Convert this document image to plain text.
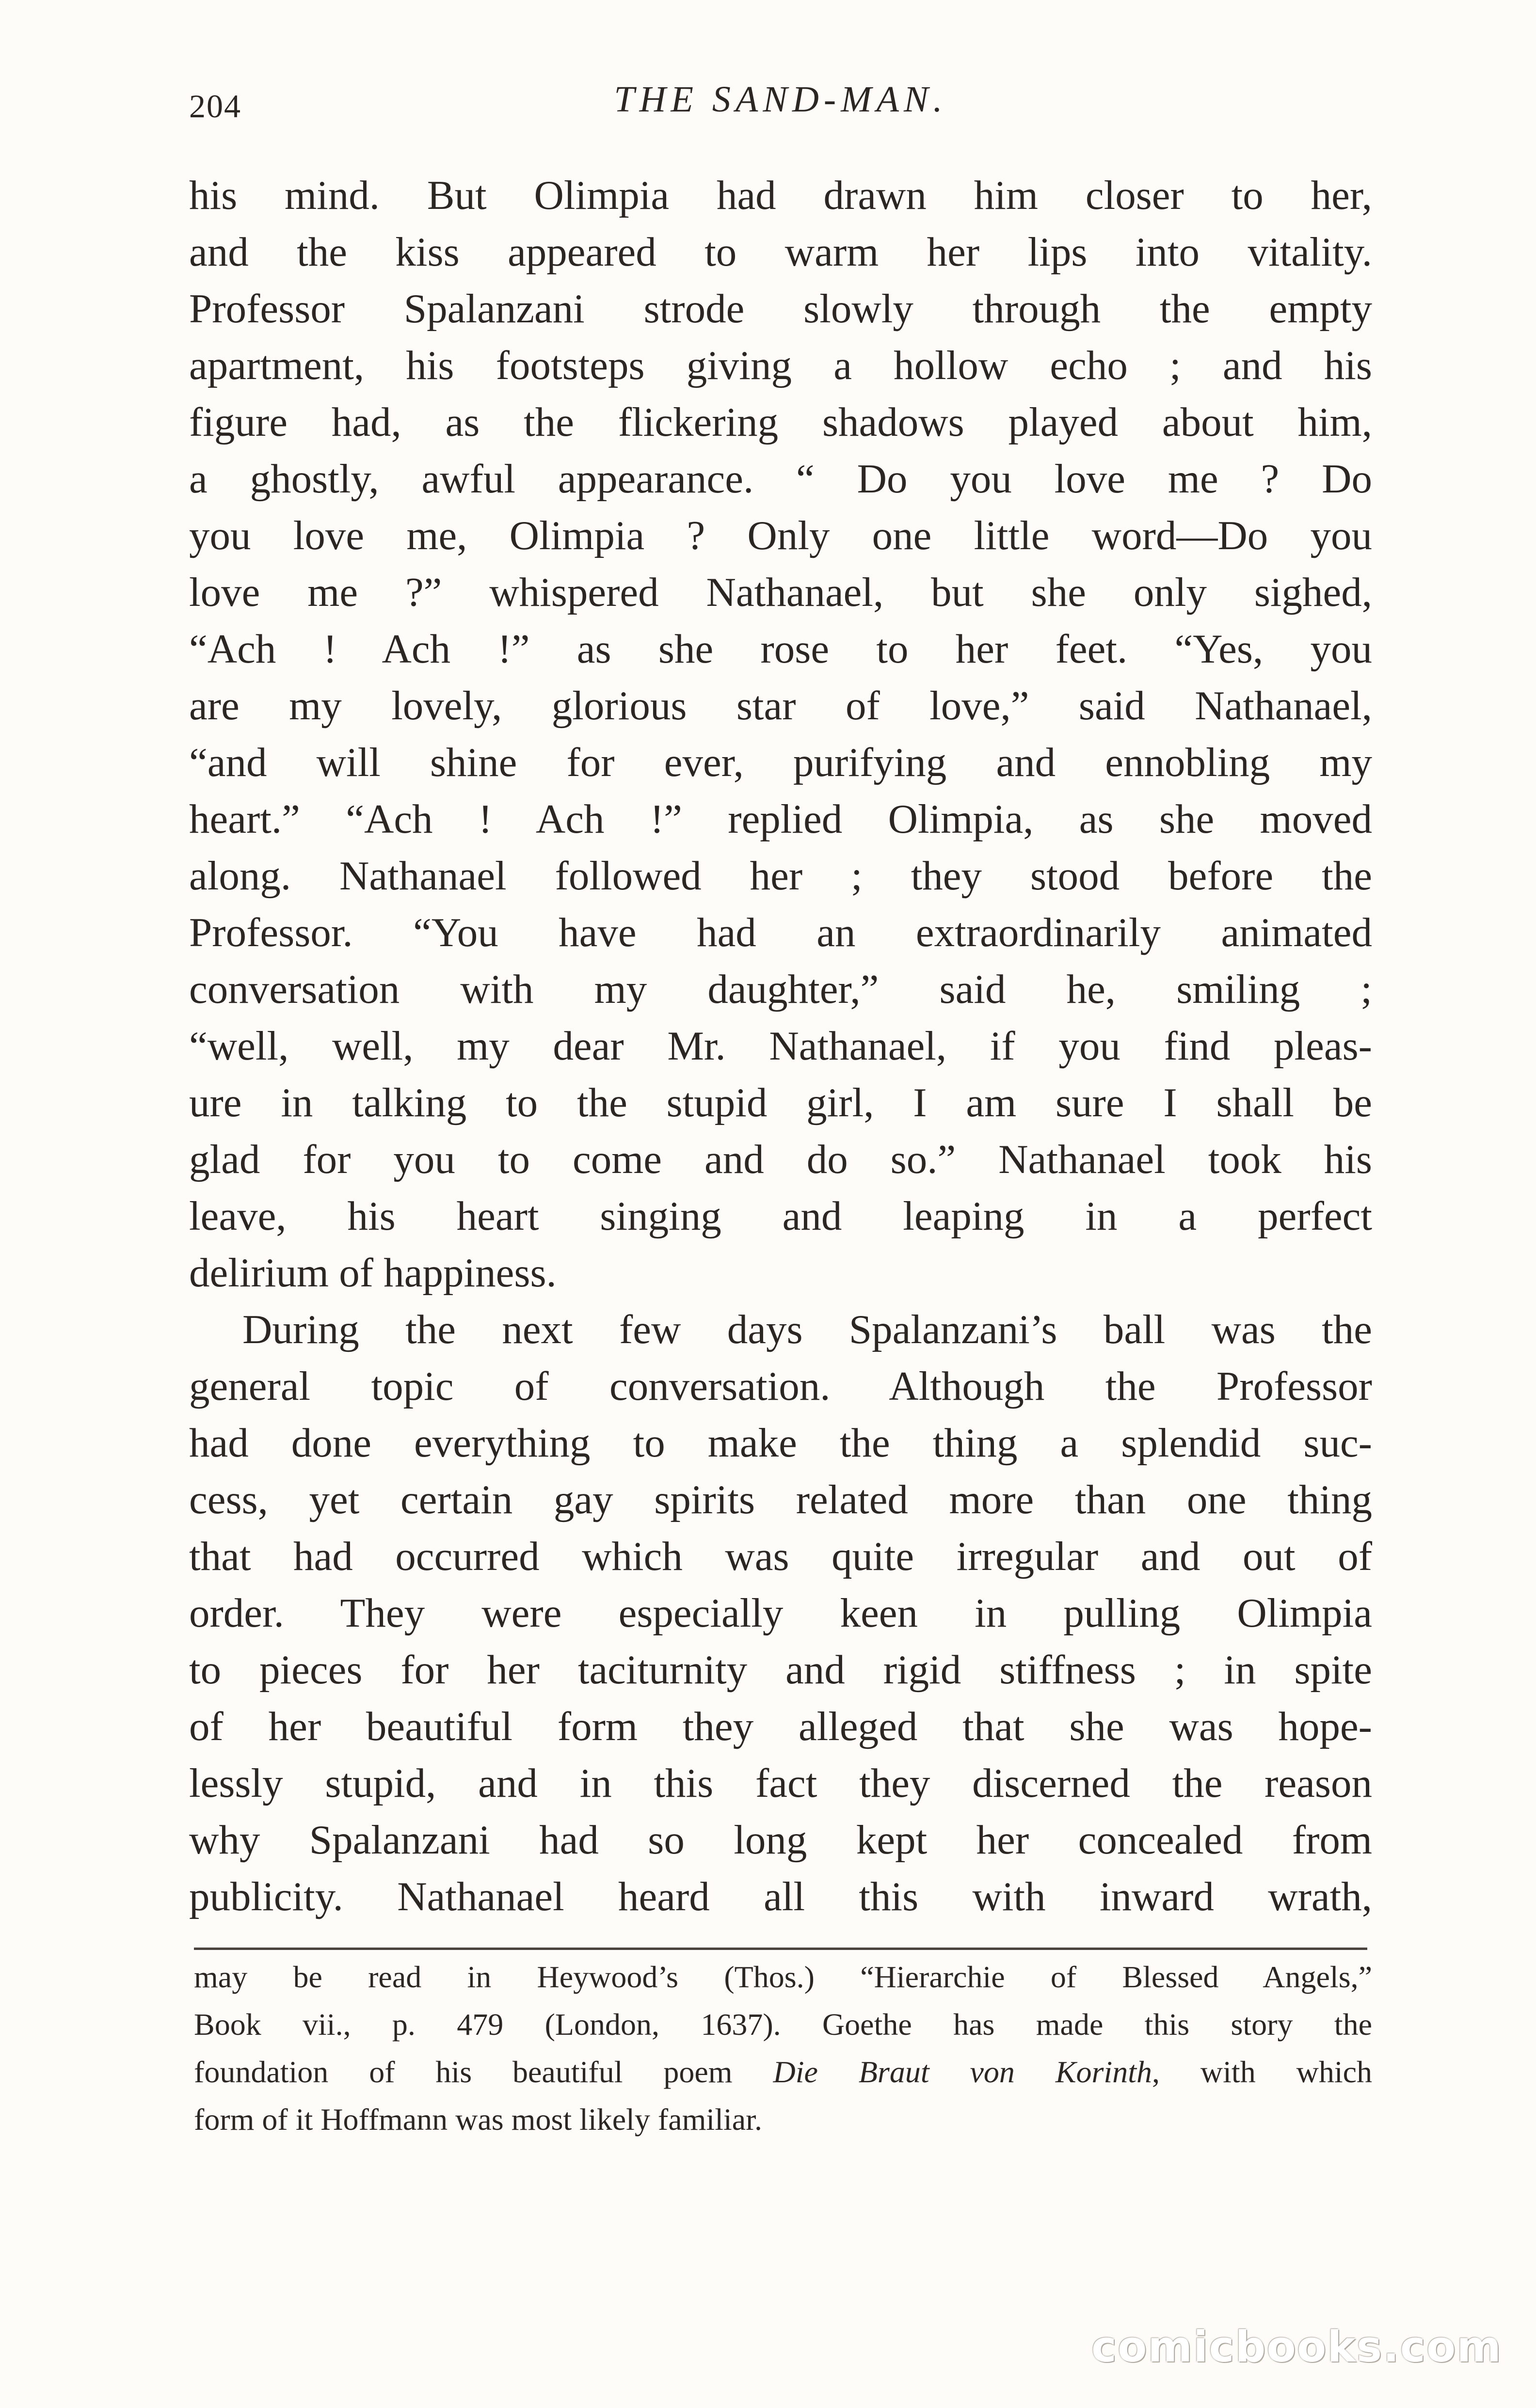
204	THE SAND-MAN.
his mind. But Olimpia had drawn him closer to her,
and the kiss appeared to warm her lips into vitality.
Professor Spalanzani strode slowly through the empty
apartment, his footsteps giving a hollow echo ; and his
figure had, as the flickering shadows played about him,
a ghostly, awful appearance. “ Do you love me ? Do
you love me, Olimpia ? Only one little word—Do you
love me ?” whispered Nathanael, but she only sighed,
“Ach ! Ach !” as she rose to her feet. “Yes, you
are my lovely, glorious star of love,” said Nathanael,
“and will shine for ever, purifying and ennobling my
heart.” “Ach ! Ach !” replied Olimpia, as she moved
along. Nathanael followed her ; they stood before the
Professor. “You have had an extraordinarily animated
conversation with my daughter,” said he, smiling ;
“well, well, my dear Mr. Nathanael, if you find pleas-
ure in talking to the stupid girl, I am sure I shall be
glad for you to come and do so.” Nathanael took his
leave, his heart singing and leaping in a perfect
delirium of happiness.
During the next few days Spalanzani’s ball was the
general topic of conversation. Although the Professor
had done everything to make the thing a splendid suc-
cess, yet certain gay spirits related more than one thing
that had occurred which was quite irregular and out of
order. They were especially keen in pulling Olimpia
to pieces for her taciturnity and rigid stiffness ; in spite
of her beautiful form they alleged that she was hope-
lessly stupid, and in this fact they discerned the reason
why Spalanzani had so long kept her concealed from
publicity. Nathanael heard all this with inward wrath,
may be read in Heywood’s (Thos.) “Hierarchie of Blessed Angels,”
Book vii., p. 479 (London, 1637). Goethe has made this story the
foundation of his beautiful poem Die Braut von Korinth, with which
form of it Hoffmann was most likely familiar.
comicbooks.com
